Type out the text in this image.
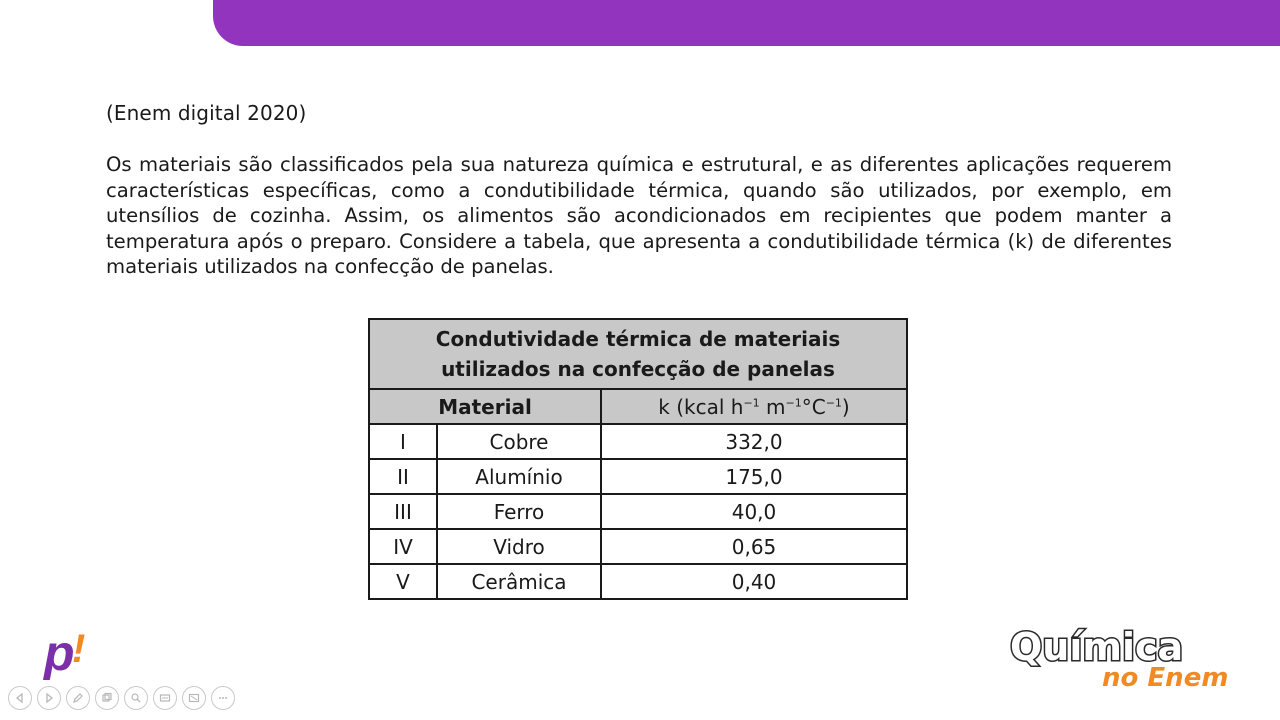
(Enem digital 2020)
Os materiais são classificados pela sua natureza química e estrutural, e as diferentes aplicações requerem características específicas, como a condutibilidade térmica, quando são utilizados, por exemplo, em utensílios de cozinha. Assim, os alimentos são acondicionados em recipientes que podem manter a temperatura após o preparo. Considere a tabela, que apresenta a condutibilidade térmica (k) de diferentes materiais utilizados na confecção de panelas.
Condutividade térmica de materiais
utilizados na confecção de panelas		

Material		k (kcal $h^{-1}$ $m^{-1}^\circ C^{-1}$)
I	Cobre	332,0
II	Alumínio	175,0
III	Ferro	40,0
IV	Vidro	0,65
V	Cerâmica	0,40
p
!	Química
no Enem
